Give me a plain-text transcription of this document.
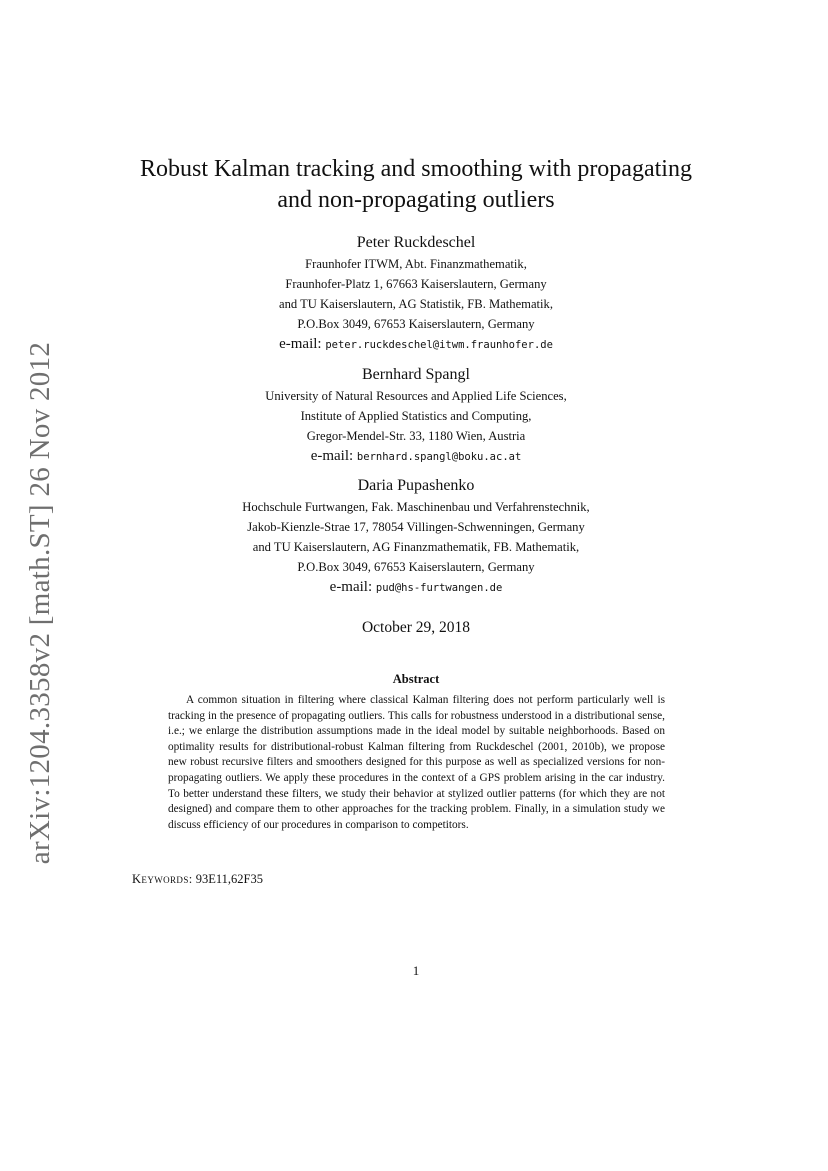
arXiv:1204.3358v2 [math.ST] 26 Nov 2012
Robust Kalman tracking and smoothing with propagating
and non-propagating outliers
Peter Ruckdeschel
Fraunhofer ITWM, Abt. Finanzmathematik,
Fraunhofer-Platz 1, 67663 Kaiserslautern, Germany
and TU Kaiserslautern, AG Statistik, FB. Mathematik,
P.O.Box 3049, 67653 Kaiserslautern, Germany
e-mail: peter.ruckdeschel@itwm.fraunhofer.de
Bernhard Spangl
University of Natural Resources and Applied Life Sciences,
Institute of Applied Statistics and Computing,
Gregor-Mendel-Str. 33, 1180 Wien, Austria
e-mail: bernhard.spangl@boku.ac.at
Daria Pupashenko
Hochschule Furtwangen, Fak. Maschinenbau und Verfahrenstechnik,
Jakob-Kienzle-Strae 17, 78054 Villingen-Schwenningen, Germany
and TU Kaiserslautern, AG Finanzmathematik, FB. Mathematik,
P.O.Box 3049, 67653 Kaiserslautern, Germany
e-mail: pud@hs-furtwangen.de
October 29, 2018
Abstract
A common situation in filtering where classical Kalman filtering does not perform particularly well is tracking in the presence of propagating outliers. This calls for robustness understood in a distributional sense, i.e.; we enlarge the distribution assumptions made in the ideal model by suitable neighborhoods. Based on optimality results for distributional-robust Kalman filtering from Ruckdeschel (2001, 2010b), we propose new robust recursive filters and smoothers designed for this purpose as well as specialized versions for non-propagating outliers. We apply these procedures in the context of a GPS problem arising in the car industry. To better understand these filters, we study their behavior at stylized outlier patterns (for which they are not designed) and compare them to other approaches for the tracking problem. Finally, in a simulation study we discuss efficiency of our procedures in comparison to competitors.
Keywords: 93E11,62F35
1
